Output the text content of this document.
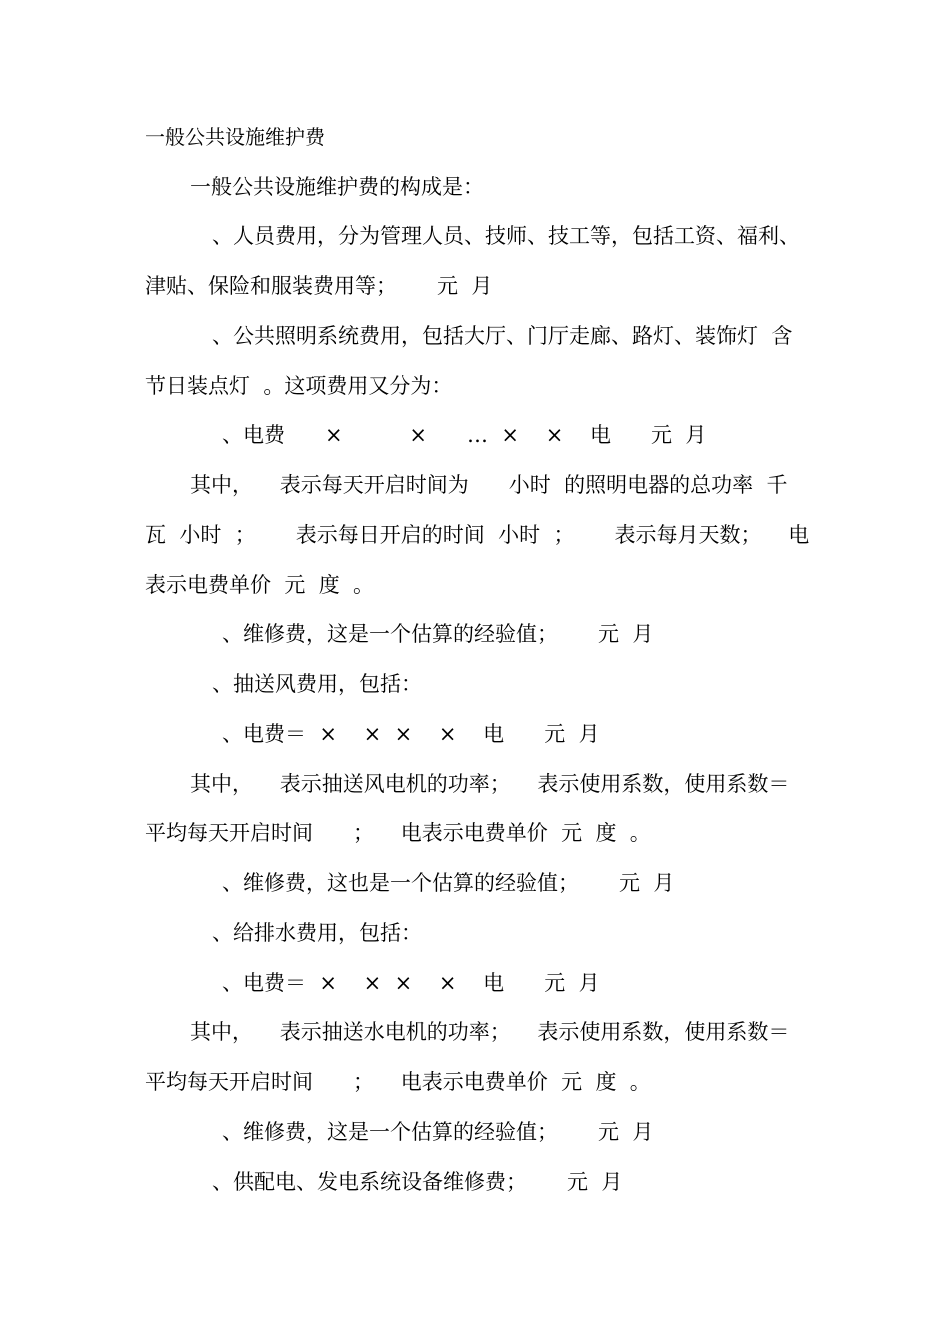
一般公共设施维护费

一般公共设施维护费的构成是：

、人员费用，分为管理人员、技师、技工等，包括工资、福利、

津贴、保险和服装费用等；      元  月

、公共照明系统费用，包括大厅、门厅走廊、路灯、装饰灯  含

节日装点灯  。这项费用又分为：

、电费      ×          ×      …  ×    ×    电      元  月

其中，    表示每天开启时间为      小时  的照明电器的总功率  千

瓦  小时  ；      表示每日开启的时间  小时  ；      表示每月天数；    电

表示电费单价  元  度  。

、维修费，这是一个估算的经验值；      元  月

、抽送风费用，包括：

、电费＝  ×    ×  ×    ×    电      元  月

其中，    表示抽送风电机的功率；    表示使用系数，使用系数＝

平均每天开启时间      ；    电表示电费单价  元  度  。

、维修费，这也是一个估算的经验值；      元  月

、给排水费用，包括：

、电费＝  ×    ×  ×    ×    电      元  月

其中，    表示抽送水电机的功率；    表示使用系数，使用系数＝

平均每天开启时间      ；    电表示电费单价  元  度  。

、维修费，这是一个估算的经验值；      元  月

、供配电、发电系统设备维修费；      元  月
